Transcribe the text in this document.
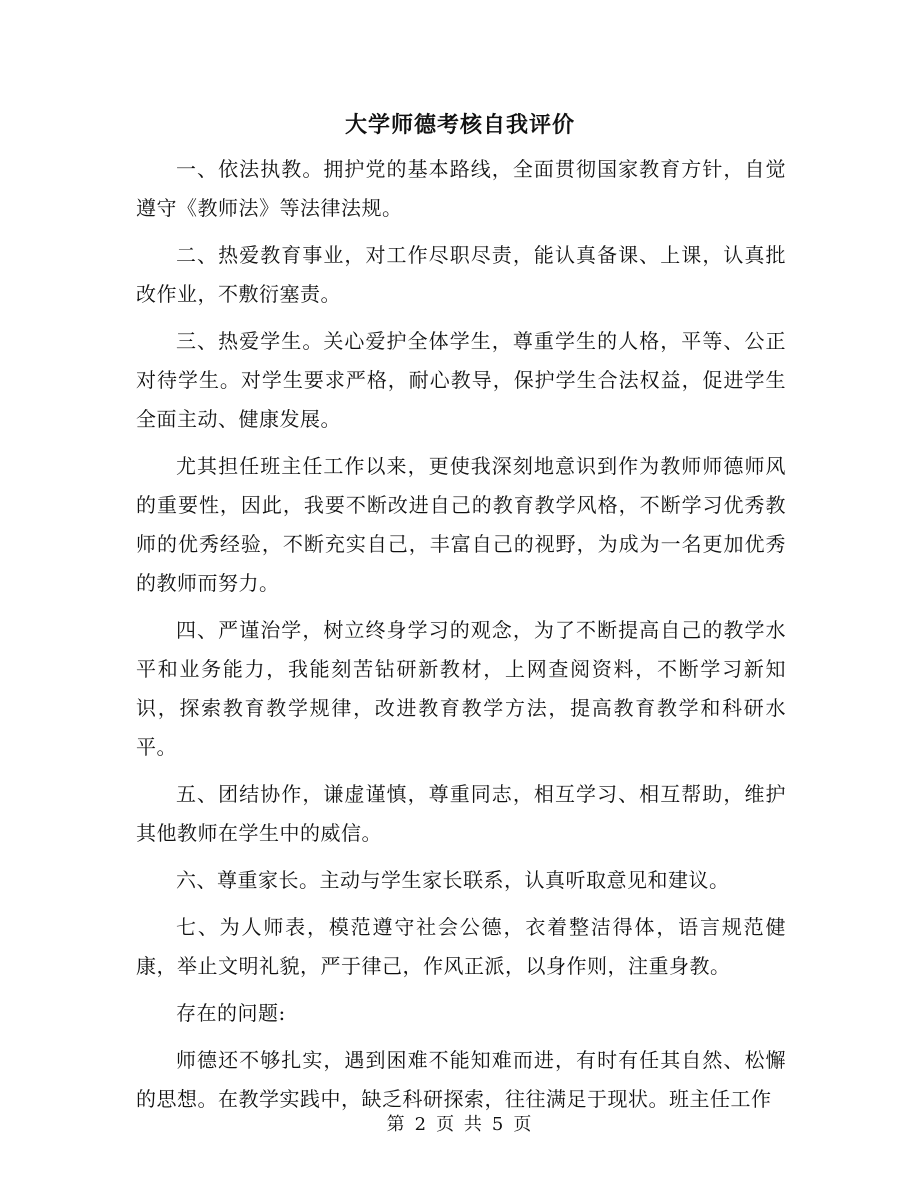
大学师德考核自我评价

一、依法执教。拥护党的基本路线，全面贯彻国家教育方针，自觉遵守《教师法》等法律法规。

二、热爱教育事业，对工作尽职尽责，能认真备课、上课，认真批改作业，不敷衍塞责。

三、热爱学生。关心爱护全体学生，尊重学生的人格，平等、公正对待学生。对学生要求严格，耐心教导，保护学生合法权益，促进学生全面主动、健康发展。

尤其担任班主任工作以来，更使我深刻地意识到作为教师师德师风的重要性，因此，我要不断改进自己的教育教学风格，不断学习优秀教师的优秀经验，不断充实自己，丰富自己的视野，为成为一名更加优秀的教师而努力。

四、严谨治学，树立终身学习的观念，为了不断提高自己的教学水平和业务能力，我能刻苦钻研新教材，上网查阅资料，不断学习新知识，探索教育教学规律，改进教育教学方法，提高教育教学和科研水平。

五、团结协作，谦虚谨慎，尊重同志，相互学习、相互帮助，维护其他教师在学生中的威信。

六、尊重家长。主动与学生家长联系，认真听取意见和建议。

七、为人师表，模范遵守社会公德，衣着整洁得体，语言规范健康，举止文明礼貌，严于律己，作风正派，以身作则，注重身教。

存在的问题:

师德还不够扎实，遇到困难不能知难而进，有时有任其自然、松懈的思想。在教学实践中，缺乏科研探索，往往满足于现状。班主任工作

第 2 页 共 5 页
